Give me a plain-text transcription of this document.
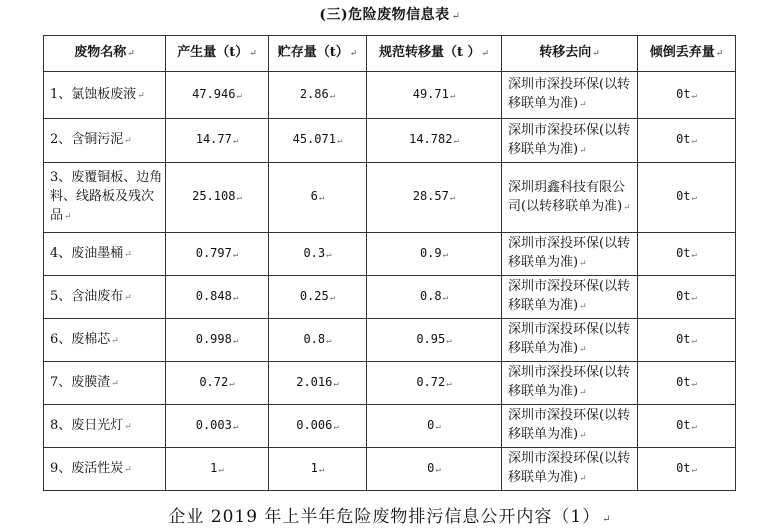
(三)危险废物信息表 ↵
废物名称↵	产生量（t）↵	贮存量（t）↵	规范转移量（t ）↵	转移去向↵	倾倒丢弃量↵
1、氯蚀板废液↵	47.946↵	2.86↵	49.71↵	深圳市深投环保(以转移联单为准)↵	0t↵
2、含铜污泥↵	14.77↵	45.071↵	14.782↵	深圳市深投环保(以转移联单为准)↵	0t↵
3、废覆铜板、边角料、线路板及残次品↵	25.108↵	6↵	28.57↵	深圳玥鑫科技有限公司(以转移联单为准)↵	0t↵
4、废油墨桶↵	0.797↵	0.3↵	0.9↵	深圳市深投环保(以转移联单为准)↵	0t↵
5、含油废布↵	0.848↵	0.25↵	0.8↵	深圳市深投环保(以转移联单为准)↵	0t↵
6、废棉芯↵	0.998↵	0.8↵	0.95↵	深圳市深投环保(以转移联单为准)↵	0t↵
7、废膜渣↵	0.72↵	2.016↵	0.72↵	深圳市深投环保(以转移联单为准)↵	0t↵
8、废日光灯↵	0.003↵	0.006↵	0↵	深圳市深投环保(以转移联单为准)↵	0t↵
9、废活性炭↵	1↵	1↵	0↵	深圳市深投环保(以转移联单为准)↵	0t↵
企业 2019 年上半年危险废物排污信息公开内容（1） ↵
